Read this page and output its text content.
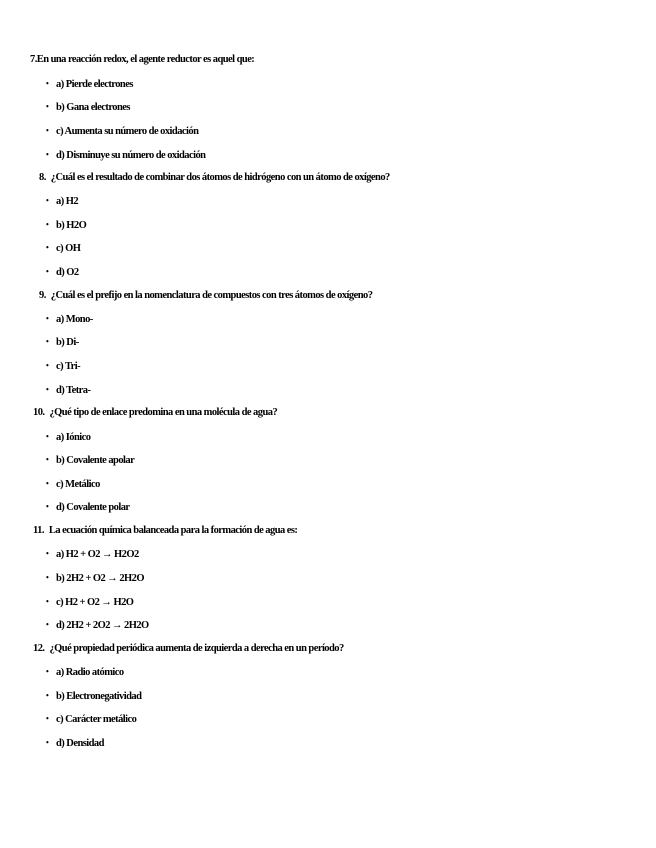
7.En una reacción redox, el agente reductor es aquel que:
• a) Pierde electrones
• b) Gana electrones
• c) Aumenta su número de oxidación
• d) Disminuye su número de oxidación
8. ¿Cuál es el resultado de combinar dos átomos de hidrógeno con un átomo de oxígeno?
• a) H2
• b) H2O
• c) OH
• d) O2
9. ¿Cuál es el prefijo en la nomenclatura de compuestos con tres átomos de oxígeno?
• a) Mono-
• b) Di-
• c) Tri-
• d) Tetra-
10. ¿Qué tipo de enlace predomina en una molécula de agua?
• a) Iónico
• b) Covalente apolar
• c) Metálico
• d) Covalente polar
11. La ecuación química balanceada para la formación de agua es:
• a) H2 + O2 → H2O2
• b) 2H2 + O2 → 2H2O
• c) H2 + O2 → H2O
• d) 2H2 + 2O2 → 2H2O
12. ¿Qué propiedad periódica aumenta de izquierda a derecha en un período?
• a) Radio atómico
• b) Electronegatividad
• c) Carácter metálico
• d) Densidad
